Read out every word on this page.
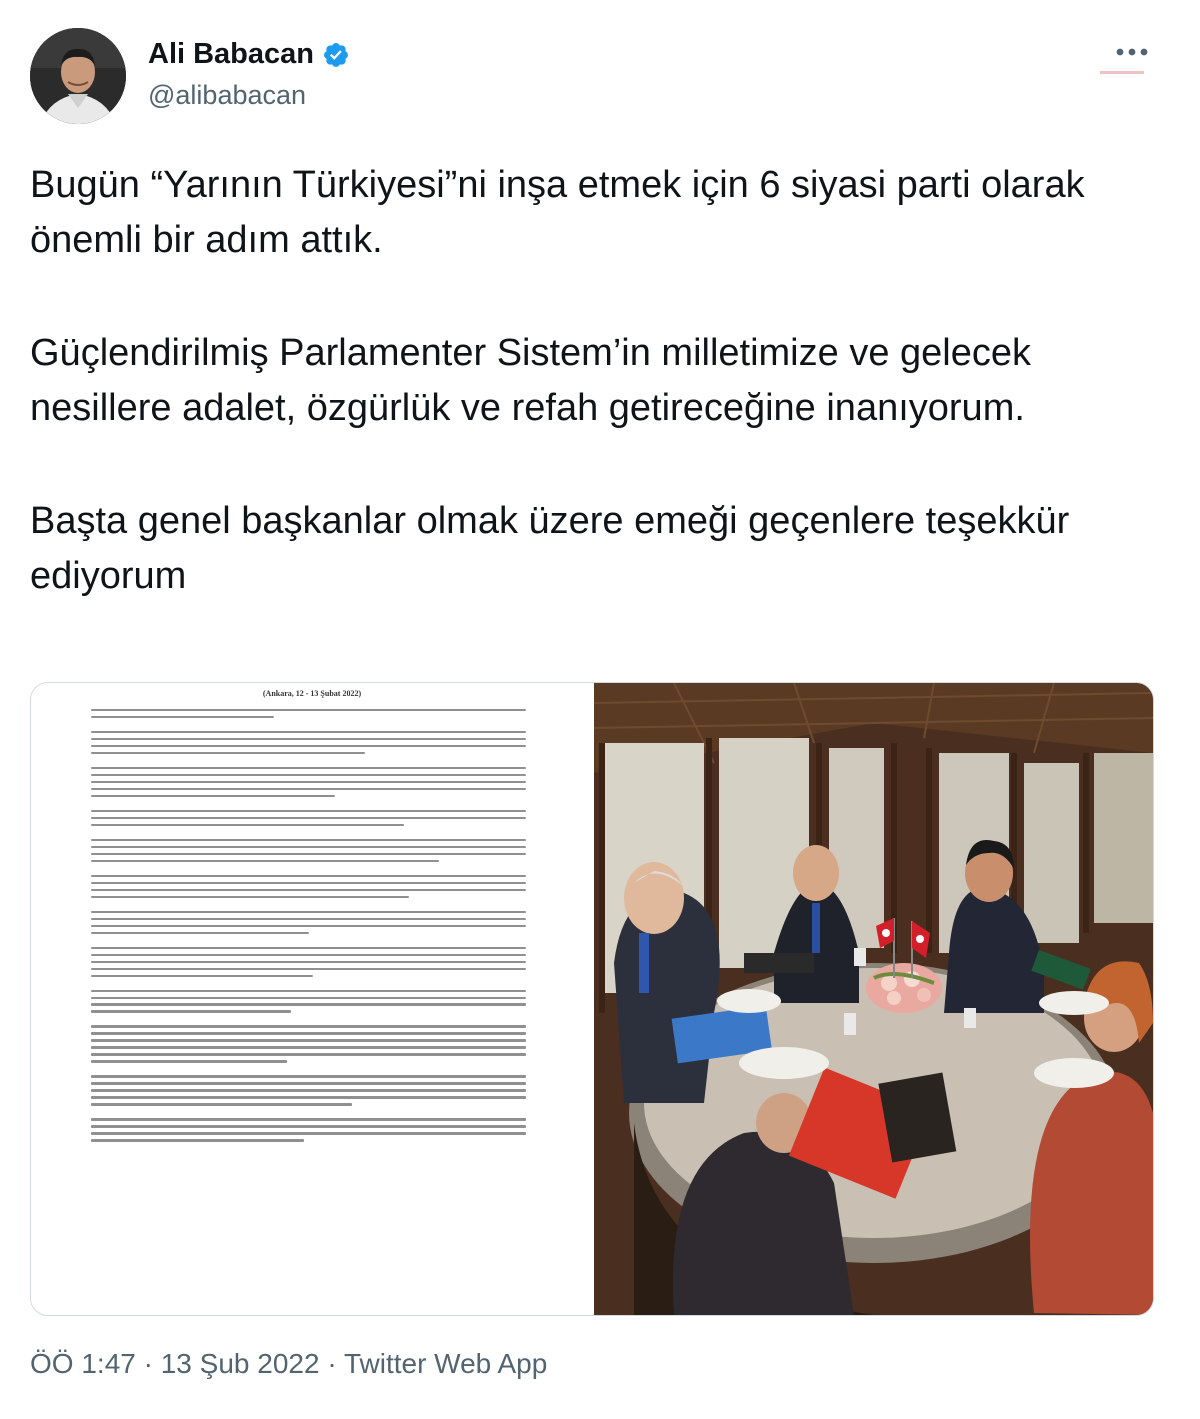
Ali Babacan
@alibabacan

Bugün “Yarının Türkiyesi”ni inşa etmek için 6 siyasi parti olarak önemli bir adım attık.

Güçlendirilmiş Parlamenter Sistem’in milletimize ve gelecek nesillere adalet, özgürlük ve refah getireceğine inanıyorum.

Başta genel başkanlar olmak üzere emeği geçenlere teşekkür ediyorum

(Ankara, 12 - 13 Şubat 2022)
ÖÖ 1:47 · 13 Şub 2022 · Twitter Web App
